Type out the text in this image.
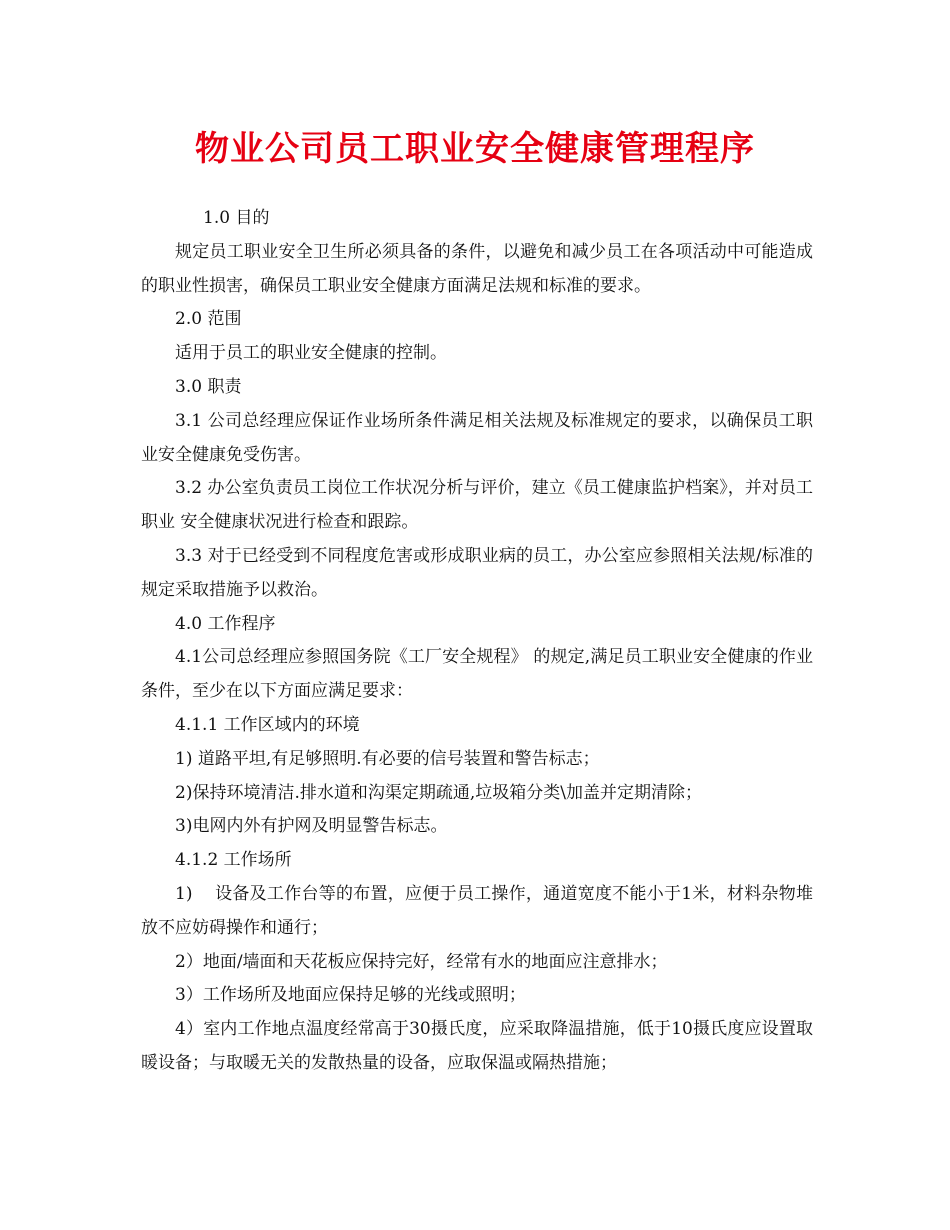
物业公司员工职业安全健康管理程序

1.0 目的

规定员工职业安全卫生所必须具备的条件，以避免和减少员工在各项活动中可能造成的职业性损害，确保员工职业安全健康方面满足法规和标准的要求。

2.0 范围

适用于员工的职业安全健康的控制。

3.0 职责

3.1 公司总经理应保证作业场所条件满足相关法规及标准规定的要求，以确保员工职业安全健康免受伤害。

3.2 办公室负责员工岗位工作状况分析与评价，建立《员工健康监护档案》，并对员工职业 安全健康状况进行检查和跟踪。

3.3 对于已经受到不同程度危害或形成职业病的员工，办公室应参照相关法规/标准的规定采取措施予以救治。

4.0 工作程序

4.1公司总经理应参照国务院《工厂安全规程》 的规定,满足员工职业安全健康的作业条件，至少在以下方面应满足要求：

4.1.1 工作区域内的环境

1) 道路平坦,有足够照明.有必要的信号装置和警告标志；

2)保持环境清洁.排水道和沟渠定期疏通,垃圾箱分类\加盖并定期清除；

3)电网内外有护网及明显警告标志。

4.1.2 工作场所

1)    设备及工作台等的布置，应便于员工操作，通道宽度不能小于1米，材料杂物堆放不应妨碍操作和通行；

2）地面/墙面和天花板应保持完好，经常有水的地面应注意排水；

3）工作场所及地面应保持足够的光线或照明；

4）室内工作地点温度经常高于30摄氏度，应采取降温措施，低于10摄氏度应设置取暖设备；与取暖无关的发散热量的设备，应取保温或隔热措施；
